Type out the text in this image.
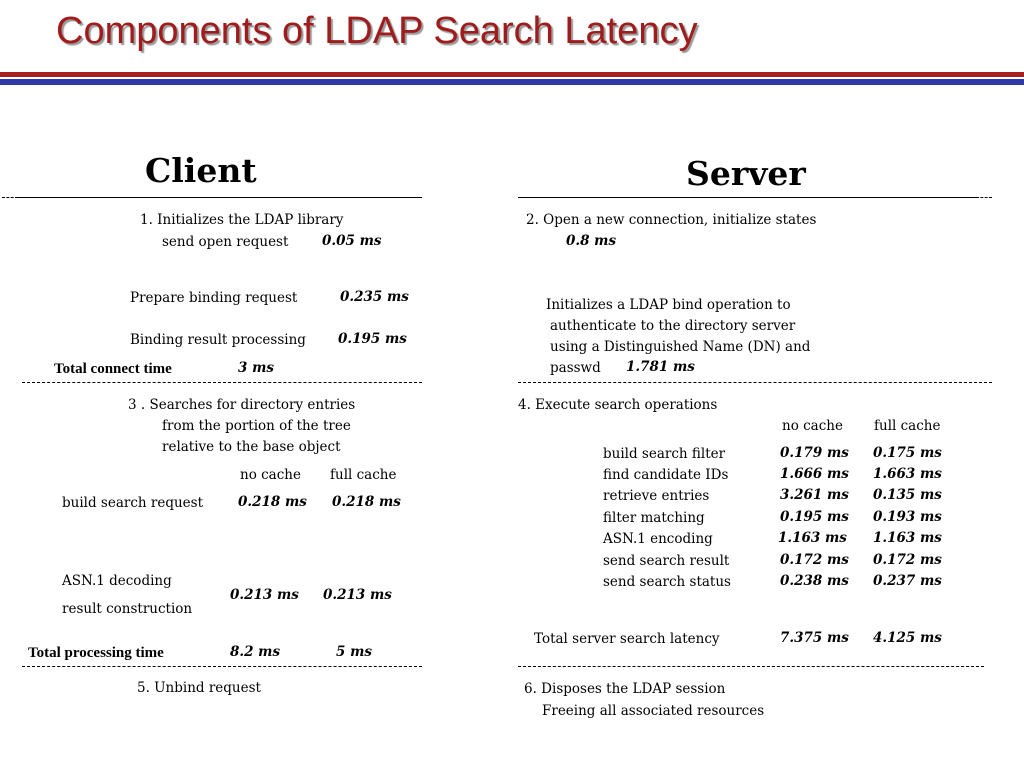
Components of LDAP Search Latency
Client	Server
1. Initializes the LDAP library
send open request 0.05 ms
Prepare binding request	0.235 ms
Binding result processing 0.195 ms
Total connect time	3 ms
3 . Searches for directory entries
from the portion of the tree
relative to the base object
no cache full cache
build search request	0.218 ms 0.218 ms
ASN.1 decoding
result construction
0.213 ms 0.213 ms
Total processing time	8.2 ms	5 ms
5. Unbind request
2. Open a new connection, initialize states
0.8 ms
Initializes a LDAP bind operation to
authenticate to the directory server
using a Distinguished Name (DN) and
passwd 1.781 ms
4. Execute search operations
no cache full cache
build search filter	0.179 ms 0.175 ms
find candidate IDs	1.666 ms 1.663 ms
retrieve entries	3.261 ms 0.135 ms
filter matching	0.195 ms 0.193 ms
ASN.1 encoding	1.163 ms 1.163 ms
send search result	0.172 ms 0.172 ms
send search status	0.238 ms 0.237 ms
Total server search latency	7.375 ms 4.125 ms
6. Disposes the LDAP session
Freeing all associated resources
